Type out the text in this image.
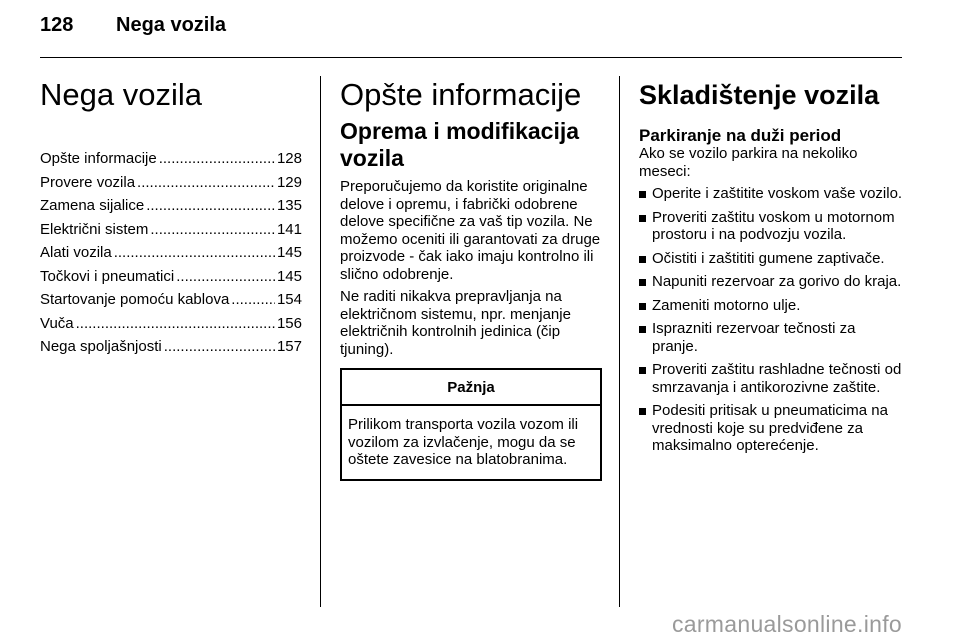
128 Nega vozila
Nega vozila
Opšte informacije .....	128
Provere vozila .....	129
Zamena sijalice .....	135
Električni sistem .....	141
Alati vozila .....	145
Točkovi i pneumatici .....	145
Startovanje pomoću kablova .....	154
Vuča .....	156
Nega spoljašnjosti .....	157
Opšte informacije
Oprema i modifikacija vozila

Preporučujemo da koristite originalne delove i opremu, i fabrički odobrene delove specifične za vaš tip vozila. Ne možemo oceniti ili garantovati za druge proizvode - čak iako imaju kontrolno ili slično odobrenje.

Ne raditi nikakva prepravljanja na električnom sistemu, npr. menjanje električnih kontrolnih jedinica (čip tjuning).

Pažnja
Prilikom transporta vozila vozom ili vozilom za izvlačenje, mogu da se oštete zavesice na blatobranima.
Skladištenje vozila
Parkiranje na duži period

Ako se vozilo parkira na nekoliko meseci:

Operite i zaštitite voskom vaše vozilo.
Proveriti zaštitu voskom u motornom prostoru i na podvozju vozila.
Očistiti i zaštititi gumene zaptivače.
Napuniti rezervoar za gorivo do kraja.
Zameniti motorno ulje.
Isprazniti rezervoar tečnosti za pranje.
Proveriti zaštitu rashladne tečnosti od smrzavanja i antikorozivne zaštite.
Podesiti pritisak u pneumaticima na vrednosti koje su predviđene za maksimalno opterećenje.
carmanualsonline.info
